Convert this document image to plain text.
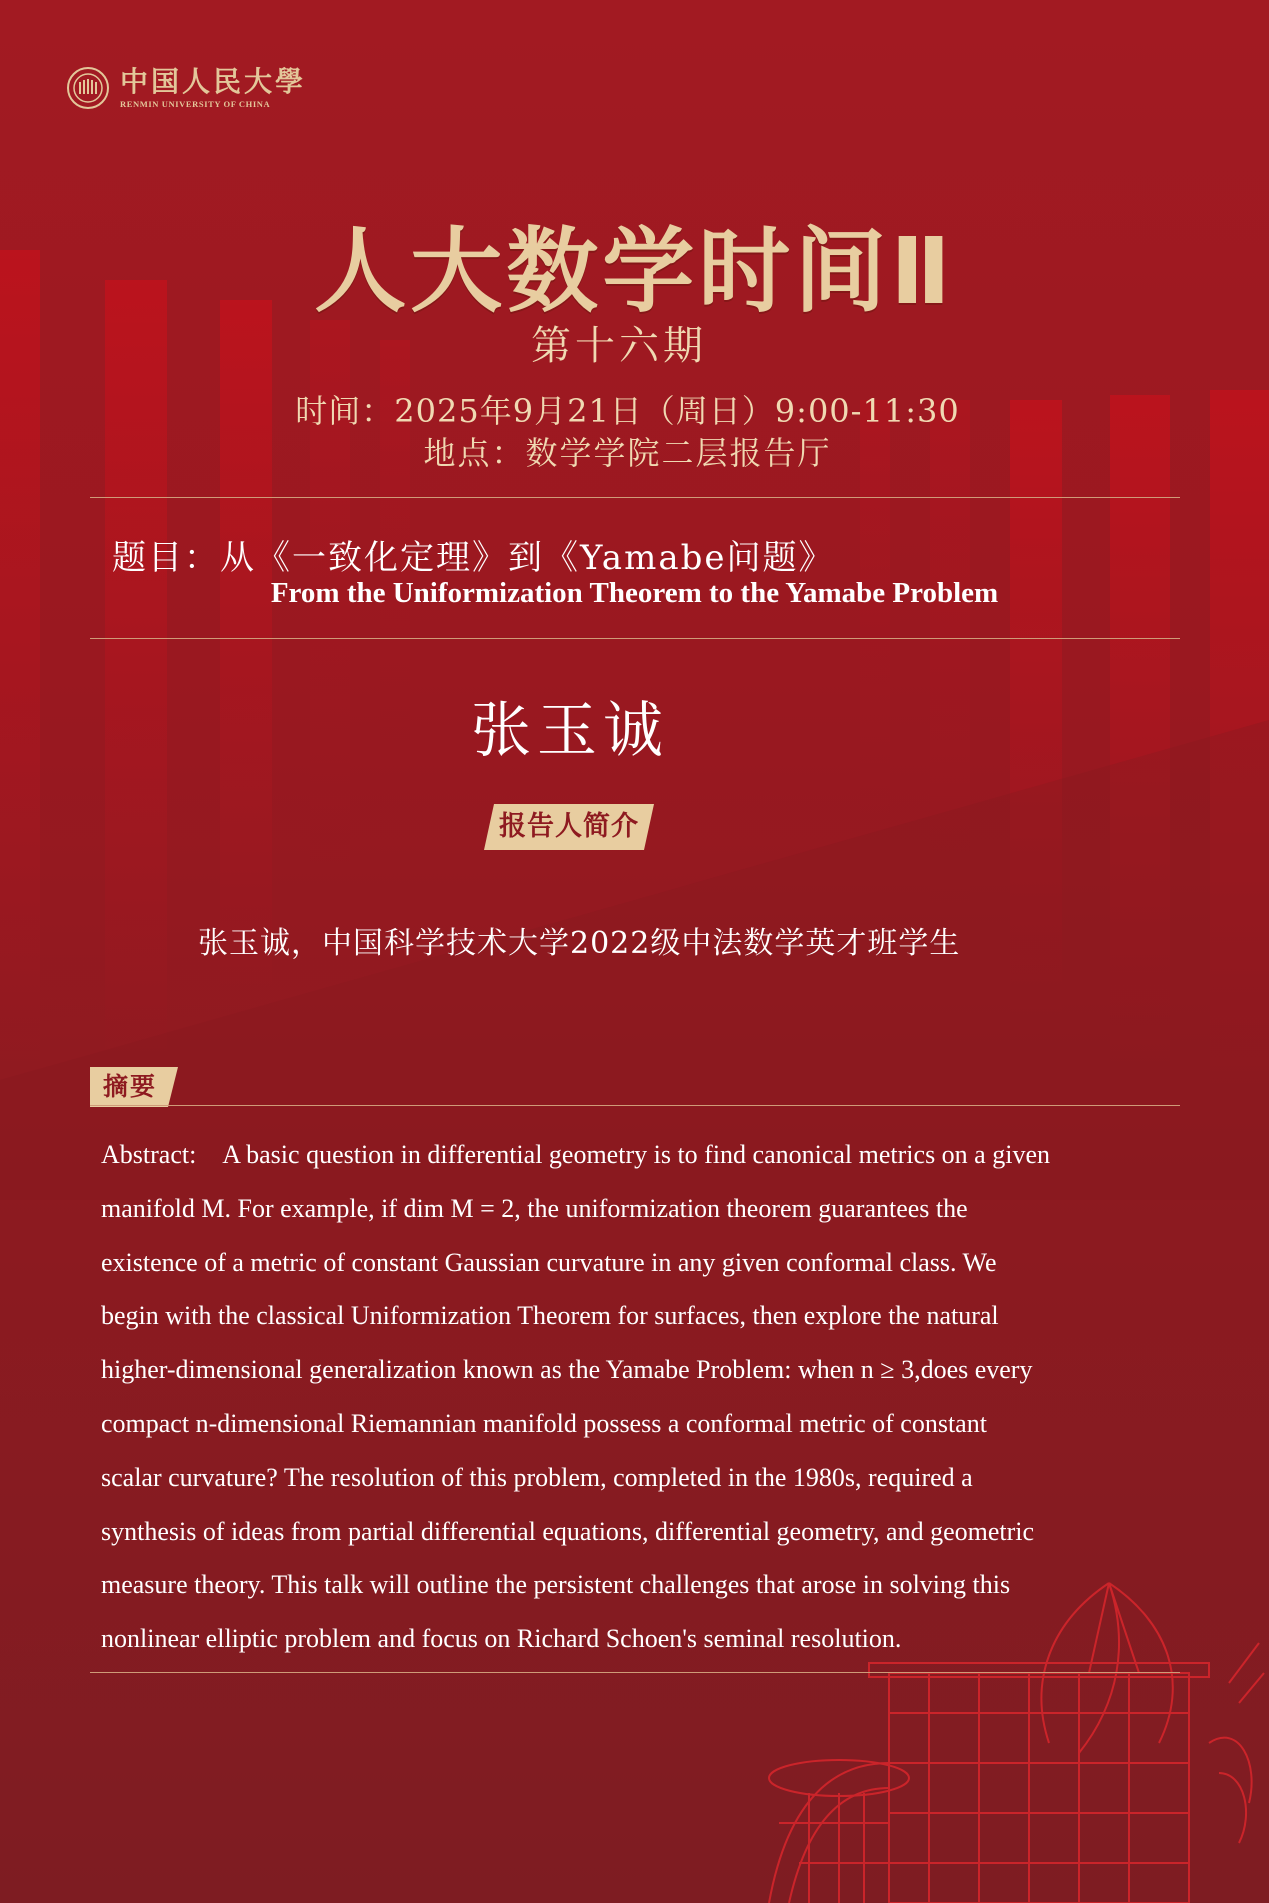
中国人民大學
RENMIN UNIVERSITY OF CHINA
人大数学时间Ⅱ
第十六期
时间：2025年9月21日（周日）9:00-11:30
地点：数学学院二层报告厅
题目：从《一致化定理》到《Yamabe问题》
From the Uniformization Theorem to the Yamabe Problem
张玉诚
报告人简介
张玉诚，中国科学技术大学2022级中法数学英才班学生
摘要
Abstract:　A basic question in differential geometry is to find canonical metrics on a given
manifold M. For example, if dim M = 2, the uniformization theorem guarantees the
existence of a metric of constant Gaussian curvature in any given conformal class. We
begin with the classical Uniformization Theorem for surfaces, then explore the natural
higher-dimensional generalization known as the Yamabe Problem: when n ≥ 3,does every
compact n-dimensional Riemannian manifold possess a conformal metric of constant
scalar curvature? The resolution of this problem, completed in the 1980s, required a
synthesis of ideas from partial differential equations, differential geometry, and geometric
measure theory. This talk will outline the persistent challenges that arose in solving this
nonlinear elliptic problem and focus on Richard Schoen's seminal resolution.
